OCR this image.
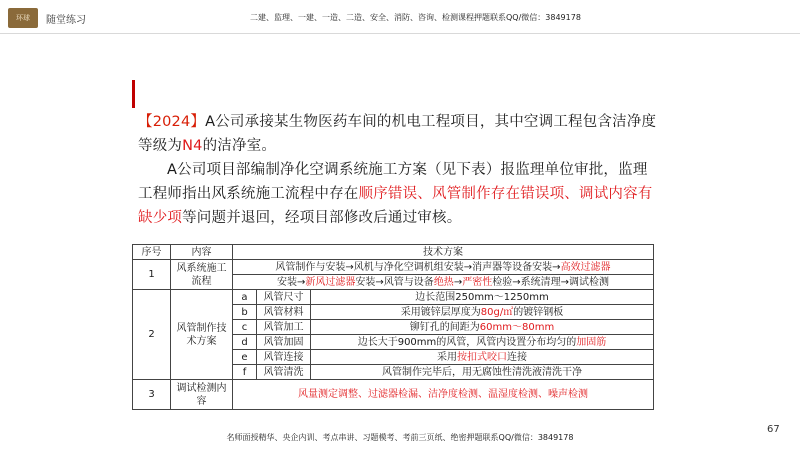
环球	随堂练习	二建、监理、一建、一造、二造、安全、消防、咨询、检测课程押题联系QQ/微信：3849178
【2024】A公司承接某生物医药车间的机电工程项目，其中空调工程包含洁净度等级为N4的洁净室。
A公司项目部编制净化空调系统施工方案（见下表）报监理单位审批，监理工程师指出风系统施工流程中存在顺序错误、风管制作存在错误项、调试内容有缺少项等问题并退回，经项目部修改后通过审核。
序号	内容	技术方案		
1	风系统施工流程	风管制作与安装→风机与净化空调机组安装→消声器等设备安装→高效过滤器		
		安装→新风过滤器安装→风管与设备绝热→严密性检验→系统清理→调试检测		
2	风管制作技术方案	a	风管尺寸	边长范围250mm～1250mm
		b	风管材料	采用镀锌层厚度为80g/㎡的镀锌钢板
		c	风管加工	铆钉孔的间距为60mm～80mm
		d	风管加固	边长大于900mm的风管，风管内设置分布均匀的加固筋
		e	风管连接	采用按扣式咬口连接
		f	风管清洗	风管制作完毕后，用无腐蚀性清洗液清洗干净
3	调试检测内容	风量测定调整、过滤器检漏、洁净度检测、温湿度检测、噪声检测		
名师面授精华、央企内训、考点串讲、习题模考、考前三页纸、绝密押题联系QQ/微信：3849178
67
